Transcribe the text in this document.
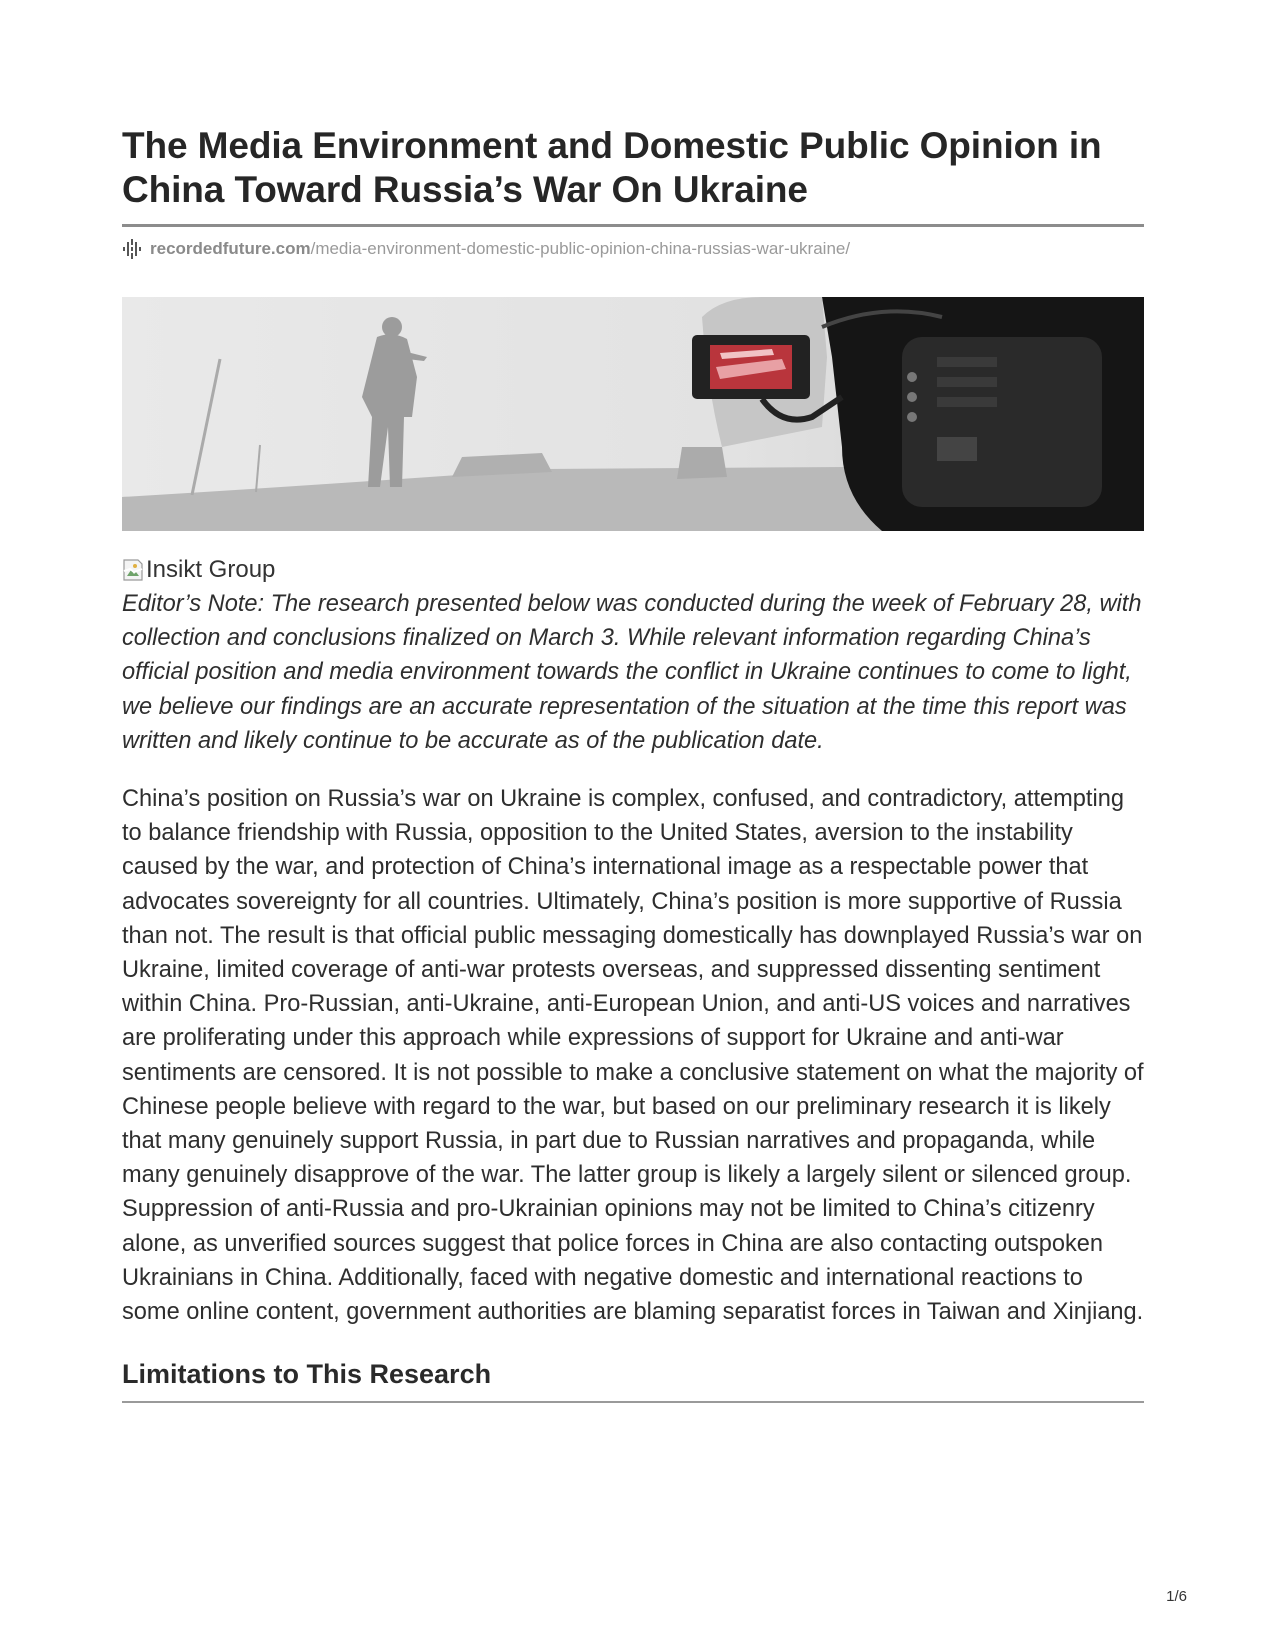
The Media Environment and Domestic Public Opinion in China Toward Russia’s War On Ukraine
recordedfuture.com /media-environment-domestic-public-opinion-china-russias-war-ukraine/
Insikt Group

Editor’s Note: The research presented below was conducted during the week of February 28, with collection and conclusions finalized on March 3. While relevant information regarding China’s official position and media environment towards the conflict in Ukraine continues to come to light, we believe our findings are an accurate representation of the situation at the time this report was written and likely continue to be accurate as of the publication date.

China’s position on Russia’s war on Ukraine is complex, confused, and contradictory, attempting to balance friendship with Russia, opposition to the United States, aversion to the instability caused by the war, and protection of China’s international image as a respectable power that advocates sovereignty for all countries. Ultimately, China’s position is more supportive of Russia than not. The result is that official public messaging domestically has downplayed Russia’s war on Ukraine, limited coverage of anti-war protests overseas, and suppressed dissenting sentiment within China. Pro-Russian, anti-Ukraine, anti-European Union, and anti-US voices and narratives are proliferating under this approach while expressions of support for Ukraine and anti-war sentiments are censored. It is not possible to make a conclusive statement on what the majority of Chinese people believe with regard to the war, but based on our preliminary research it is likely that many genuinely support Russia, in part due to Russian narratives and propaganda, while many genuinely disapprove of the war. The latter group is likely a largely silent or silenced group. Suppression of anti-Russia and pro-Ukrainian opinions may not be limited to China’s citizenry alone, as unverified sources suggest that police forces in China are also contacting outspoken Ukrainians in China. Additionally, faced with negative domestic and international reactions to some online content, government authorities are blaming separatist forces in Taiwan and Xinjiang.

Limitations to This Research
1/6
